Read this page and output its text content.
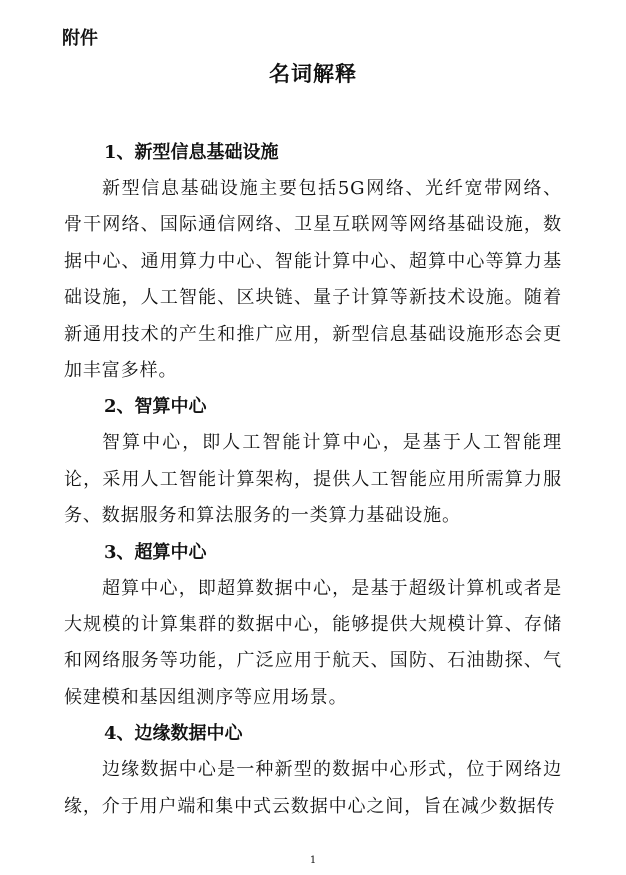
附件
名词解释
1、新型信息基础设施

新型信息基础设施主要包括5G网络、光纤宽带网络、骨干网络、国际通信网络、卫星互联网等网络基础设施，数据中心、通用算力中心、智能计算中心、超算中心等算力基础设施，人工智能、区块链、量子计算等新技术设施。随着新通用技术的产生和推广应用，新型信息基础设施形态会更加丰富多样。

2、智算中心

智算中心，即人工智能计算中心，是基于人工智能理论，采用人工智能计算架构，提供人工智能应用所需算力服务、数据服务和算法服务的一类算力基础设施。

3、超算中心

超算中心，即超算数据中心，是基于超级计算机或者是大规模的计算集群的数据中心，能够提供大规模计算、存储和网络服务等功能，广泛应用于航天、国防、石油勘探、气候建模和基因组测序等应用场景。

4、边缘数据中心

边缘数据中心是一种新型的数据中心形式，位于网络边缘，介于用户端和集中式云数据中心之间，旨在减少数据传

1
